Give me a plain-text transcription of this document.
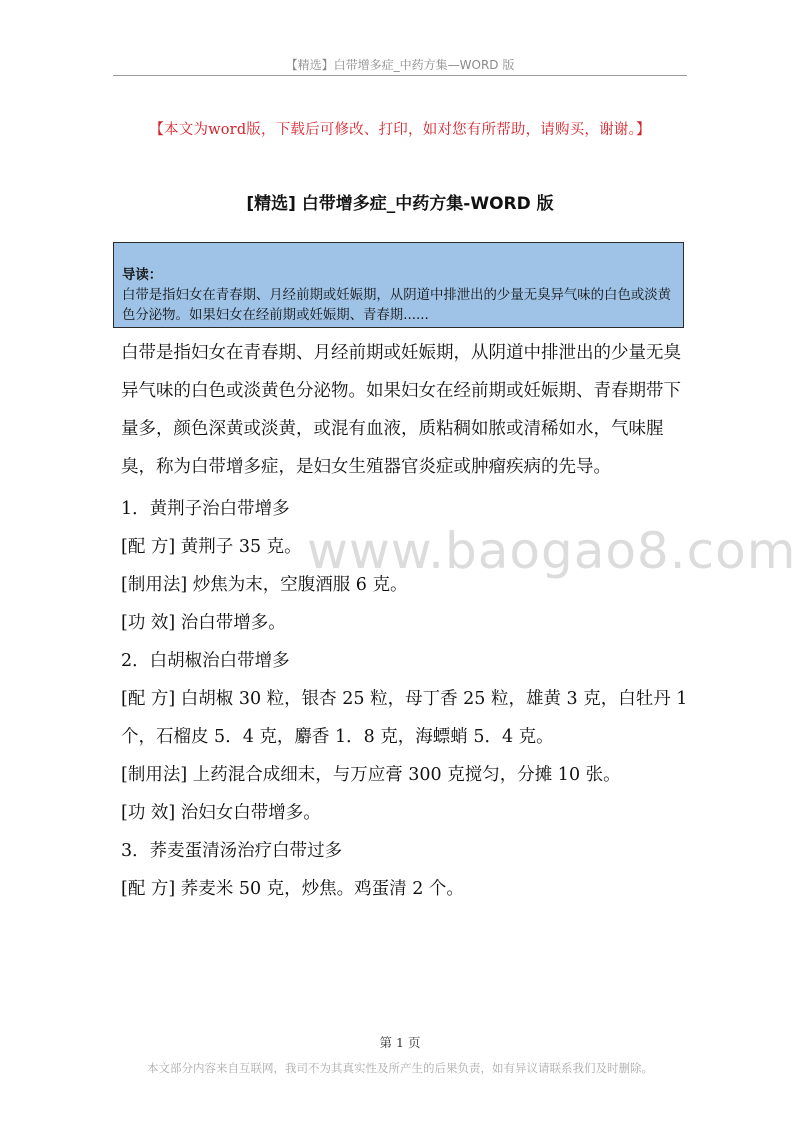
【精选】白带增多症_中药方集—WORD 版
【本文为word版，下载后可修改、打印，如对您有所帮助，请购买，谢谢。】
[精选] 白带增多症_中药方集-WORD 版
导读：
白带是指妇女在青春期、月经前期或妊娠期，从阴道中排泄出的少量无臭异气味的白色或淡黄色分泌物。如果妇女在经前期或妊娠期、青春期......
www.baogao8.com

白带是指妇女在青春期、月经前期或妊娠期，从阴道中排泄出的少量无臭异气味的白色或淡黄色分泌物。如果妇女在经前期或妊娠期、青春期带下量多，颜色深黄或淡黄，或混有血液，质粘稠如脓或清稀如水，气味腥臭，称为白带增多症，是妇女生殖器官炎症或肿瘤疾病的先导。

1．黄荆子治白带增多

[配 方] 黄荆子 35 克。

[制用法] 炒焦为末，空腹酒服 6 克。

[功 效] 治白带增多。

2．白胡椒治白带增多

[配 方] 白胡椒 30 粒，银杏 25 粒，母丁香 25 粒，雄黄 3 克，白牡丹 1 个，石榴皮 5．4 克，麝香 1．8 克，海螵蛸 5．4 克。

[制用法] 上药混合成细末，与万应膏 300 克搅匀，分摊 10 张。

[功 效] 治妇女白带增多。

3．荞麦蛋清汤治疗白带过多

[配 方] 荞麦米 50 克，炒焦。鸡蛋清 2 个。

第 1 页
本文部分内容来自互联网，我司不为其真实性及所产生的后果负责，如有异议请联系我们及时删除。
